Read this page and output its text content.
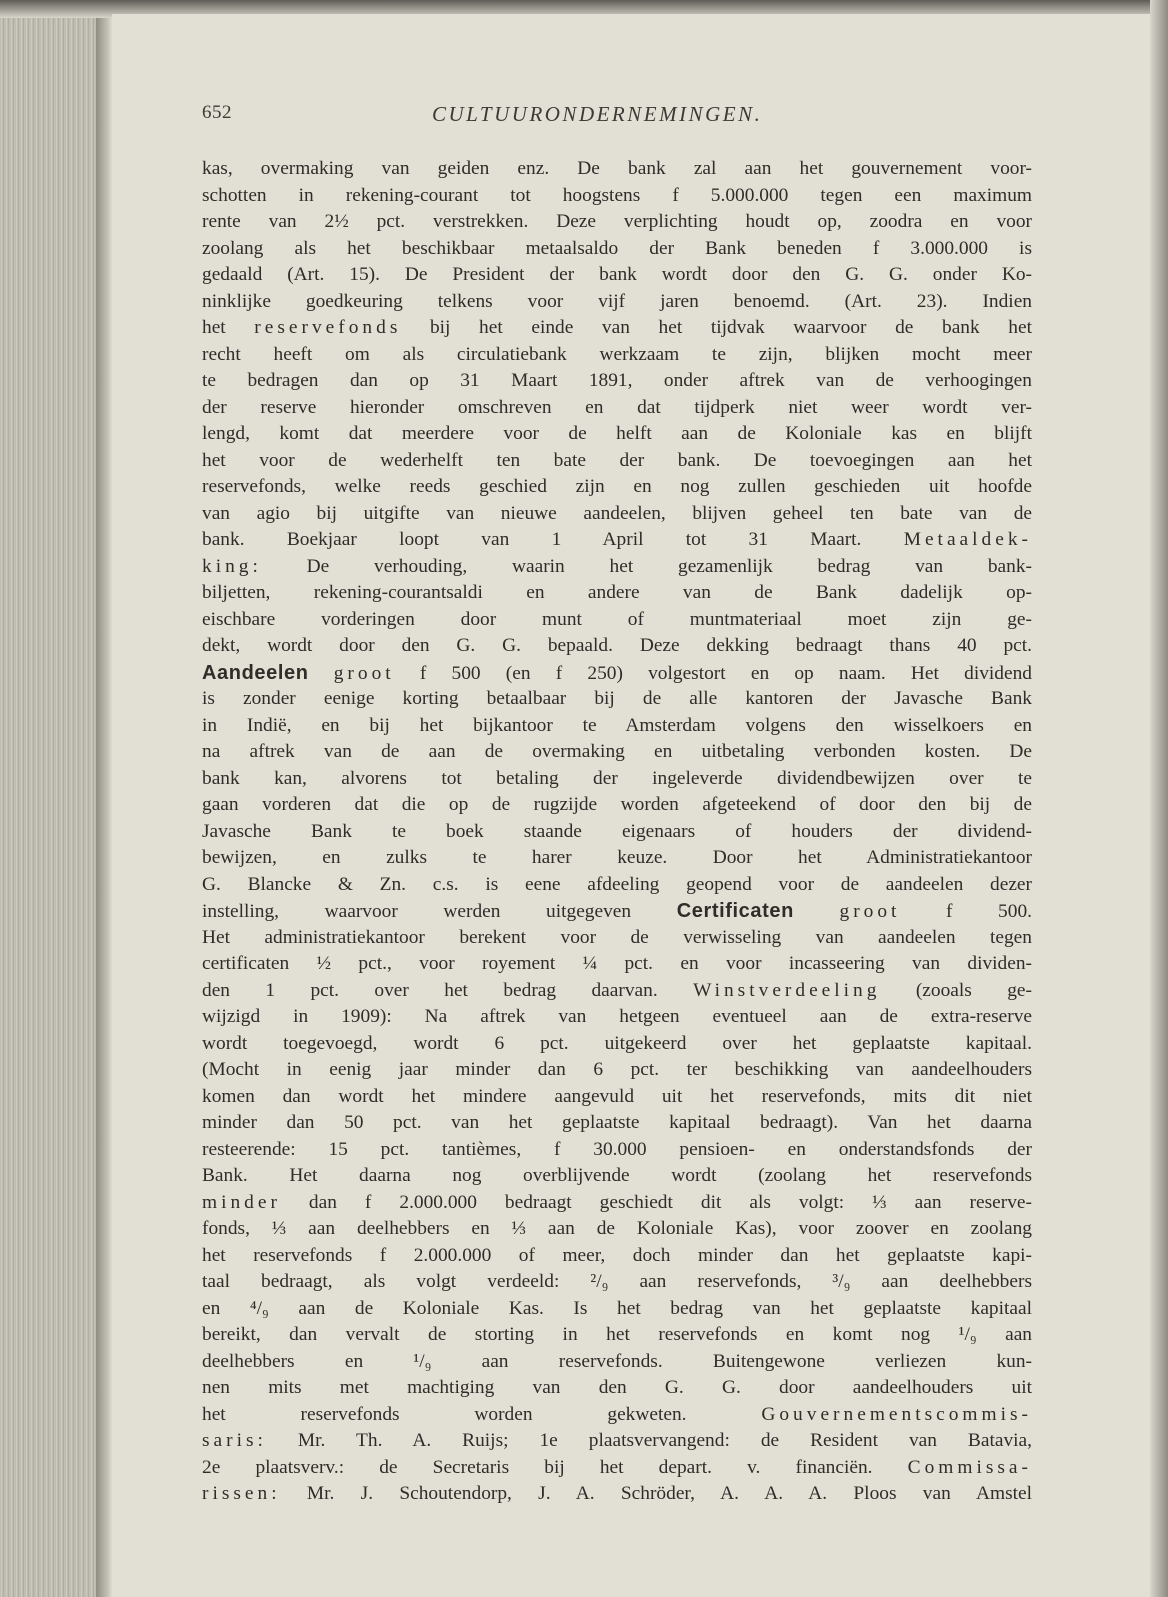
652	CULTUURONDERNEMINGEN.
kas, overmaking van geiden enz. De bank zal aan het gouvernement voor-
schotten in rekening-courant tot hoogstens f 5.000.000 tegen een maximum
rente van 2½ pct. verstrekken. Deze verplichting houdt op, zoodra en voor
zoolang als het beschikbaar metaalsaldo der Bank beneden f 3.000.000 is
gedaald (Art. 15). De President der bank wordt door den G. G. onder Ko-
ninklijke goedkeuring telkens voor vijf jaren benoemd. (Art. 23). Indien
het reservefonds bij het einde van het tijdvak waarvoor de bank het
recht heeft om als circulatiebank werkzaam te zijn, blijken mocht meer
te bedragen dan op 31 Maart 1891, onder aftrek van de verhoogingen
der reserve hieronder omschreven en dat tijdperk niet weer wordt ver-
lengd, komt dat meerdere voor de helft aan de Koloniale kas en blijft
het voor de wederhelft ten bate der bank. De toevoegingen aan het
reservefonds, welke reeds geschied zijn en nog zullen geschieden uit hoofde
van agio bij uitgifte van nieuwe aandeelen, blijven geheel ten bate van de
bank. Boekjaar loopt van 1 April tot 31 Maart. Metaaldek-
king: De verhouding, waarin het gezamenlijk bedrag van bank-
biljetten, rekening-courantsaldi en andere van de Bank dadelijk op-
eischbare vorderingen door munt of muntmateriaal moet zijn ge-
dekt, wordt door den G. G. bepaald. Deze dekking bedraagt thans 40 pct.
Aandeelen groot f 500 (en f 250) volgestort en op naam. Het dividend
is zonder eenige korting betaalbaar bij de alle kantoren der Javasche Bank
in Indië, en bij het bijkantoor te Amsterdam volgens den wisselkoers en
na aftrek van de aan de overmaking en uitbetaling verbonden kosten. De
bank kan, alvorens tot betaling der ingeleverde dividendbewijzen over te
gaan vorderen dat die op de rugzijde worden afgeteekend of door den bij de
Javasche Bank te boek staande eigenaars of houders der dividend-
bewijzen, en zulks te harer keuze. Door het Administratiekantoor
G. Blancke & Zn. c.s. is eene afdeeling geopend voor de aandeelen dezer
instelling, waarvoor werden uitgegeven Certificaten groot f 500.
Het administratiekantoor berekent voor de verwisseling van aandeelen tegen
certificaten ½ pct., voor royement ¼ pct. en voor incasseering van dividen-
den 1 pct. over het bedrag daarvan. Winstverdeeling (zooals ge-
wijzigd in 1909): Na aftrek van hetgeen eventueel aan de extra-reserve
wordt toegevoegd, wordt 6 pct. uitgekeerd over het geplaatste kapitaal.
(Mocht in eenig jaar minder dan 6 pct. ter beschikking van aandeelhouders
komen dan wordt het mindere aangevuld uit het reservefonds, mits dit niet
minder dan 50 pct. van het geplaatste kapitaal bedraagt). Van het daarna
resteerende: 15 pct. tantièmes, f 30.000 pensioen- en onderstandsfonds der
Bank. Het daarna nog overblijvende wordt (zoolang het reservefonds
minder dan f 2.000.000 bedraagt geschiedt dit als volgt: ⅓ aan reserve-
fonds, ⅓ aan deelhebbers en ⅓ aan de Koloniale Kas), voor zoover en zoolang
het reservefonds f 2.000.000 of meer, doch minder dan het geplaatste kapi-
taal bedraagt, als volgt verdeeld: ²/₉ aan reservefonds, ³/₉ aan deelhebbers
en ⁴/₉ aan de Koloniale Kas. Is het bedrag van het geplaatste kapitaal
bereikt, dan vervalt de storting in het reservefonds en komt nog ¹/₉ aan
deelhebbers en ¹/₉ aan reservefonds. Buitengewone verliezen kun-
nen mits met machtiging van den G. G. door aandeelhouders uit
het reservefonds worden gekweten. Gouvernementscommis-
saris: Mr. Th. A. Ruijs; 1e plaatsvervangend: de Resident van Batavia,
2e plaatsverv.: de Secretaris bij het depart. v. financiën. Commissa-
rissen: Mr. J. Schoutendorp, J. A. Schröder, A. A. A. Ploos van Amstel
